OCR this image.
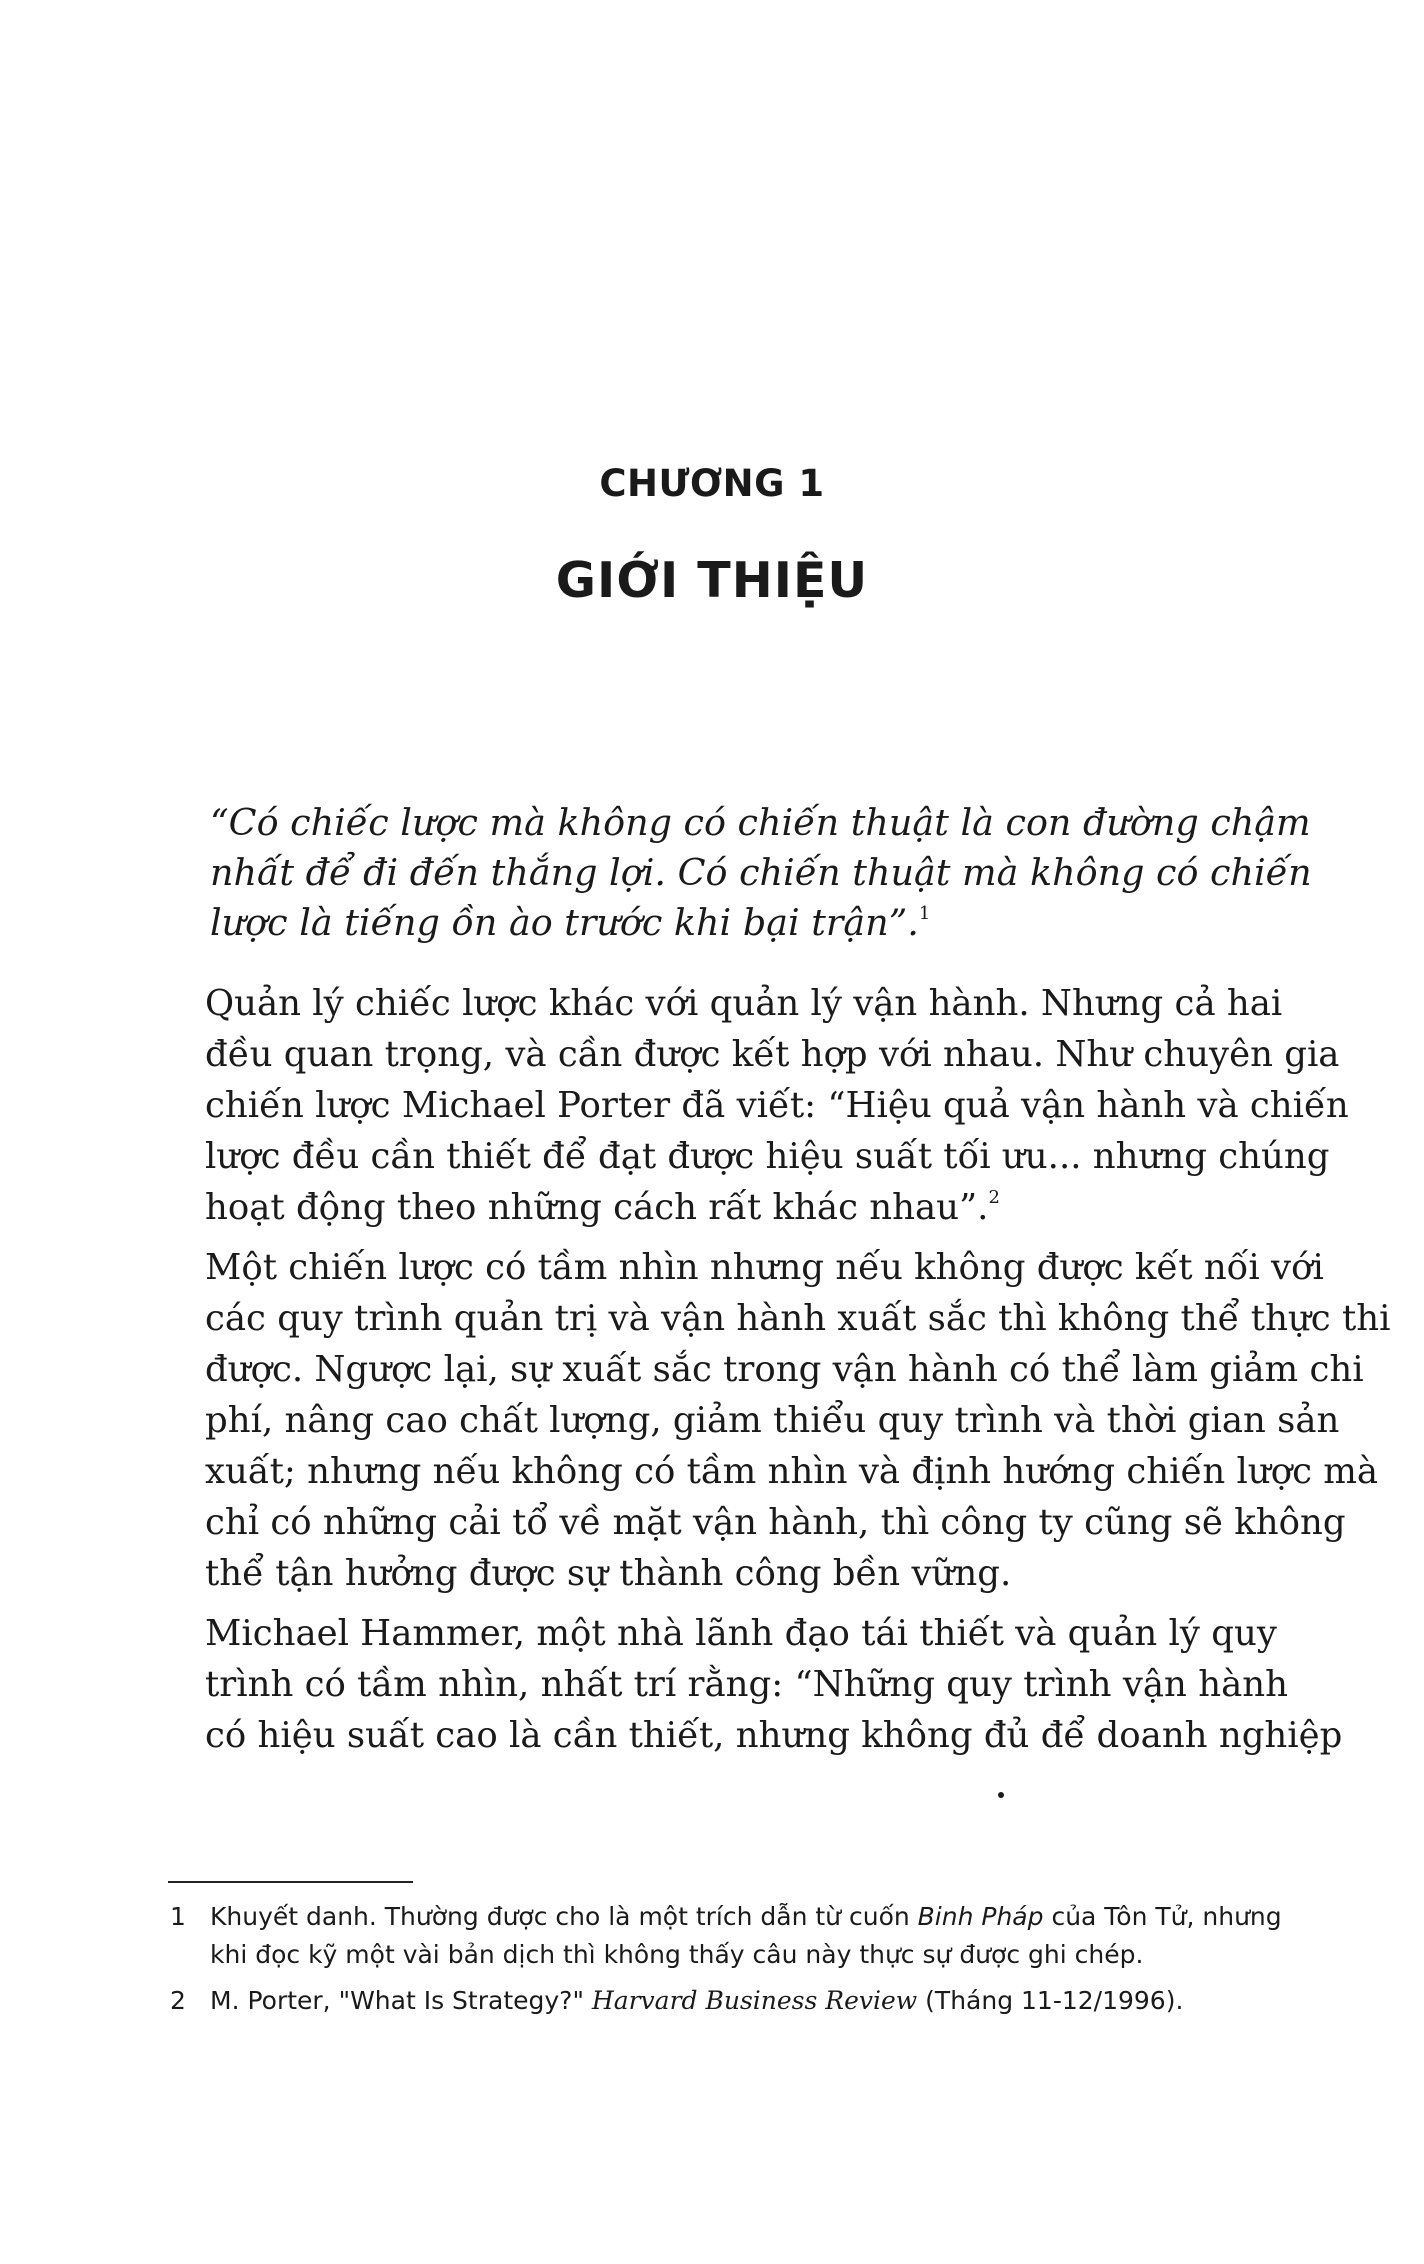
CHƯƠNG 1
GIỚI THIỆU
“Có chiếc lược mà không có chiến thuật là con đường chậm
nhất để đi đến thắng lợi. Có chiến thuật mà không có chiến
lược là tiếng ồn ào trước khi bại trận”.$^1$
Quản lý chiếc lược khác với quản lý vận hành. Nhưng cả hai
đều quan trọng, và cần được kết hợp với nhau. Như chuyên gia
chiến lược Michael Porter đã viết: “Hiệu quả vận hành và chiến
lược đều cần thiết để đạt được hiệu suất tối ưu... nhưng chúng
hoạt động theo những cách rất khác nhau”.$^2$
Một chiến lược có tầm nhìn nhưng nếu không được kết nối với
các quy trình quản trị và vận hành xuất sắc thì không thể thực thi
được. Ngược lại, sự xuất sắc trong vận hành có thể làm giảm chi
phí, nâng cao chất lượng, giảm thiểu quy trình và thời gian sản
xuất; nhưng nếu không có tầm nhìn và định hướng chiến lược mà
chỉ có những cải tổ về mặt vận hành, thì công ty cũng sẽ không
thể tận hưởng được sự thành công bền vững.
Michael Hammer, một nhà lãnh đạo tái thiết và quản lý quy
trình có tầm nhìn, nhất trí rằng: “Những quy trình vận hành
có hiệu suất cao là cần thiết, nhưng không đủ để doanh nghiệp
1 Khuyết danh. Thường được cho là một trích dẫn từ cuốn Binh Pháp của Tôn Tử, nhưng
khi đọc kỹ một vài bản dịch thì không thấy câu này thực sự được ghi chép.
2 M. Porter, "What Is Strategy?" Harvard Business Review (Tháng 11-12/1996).
